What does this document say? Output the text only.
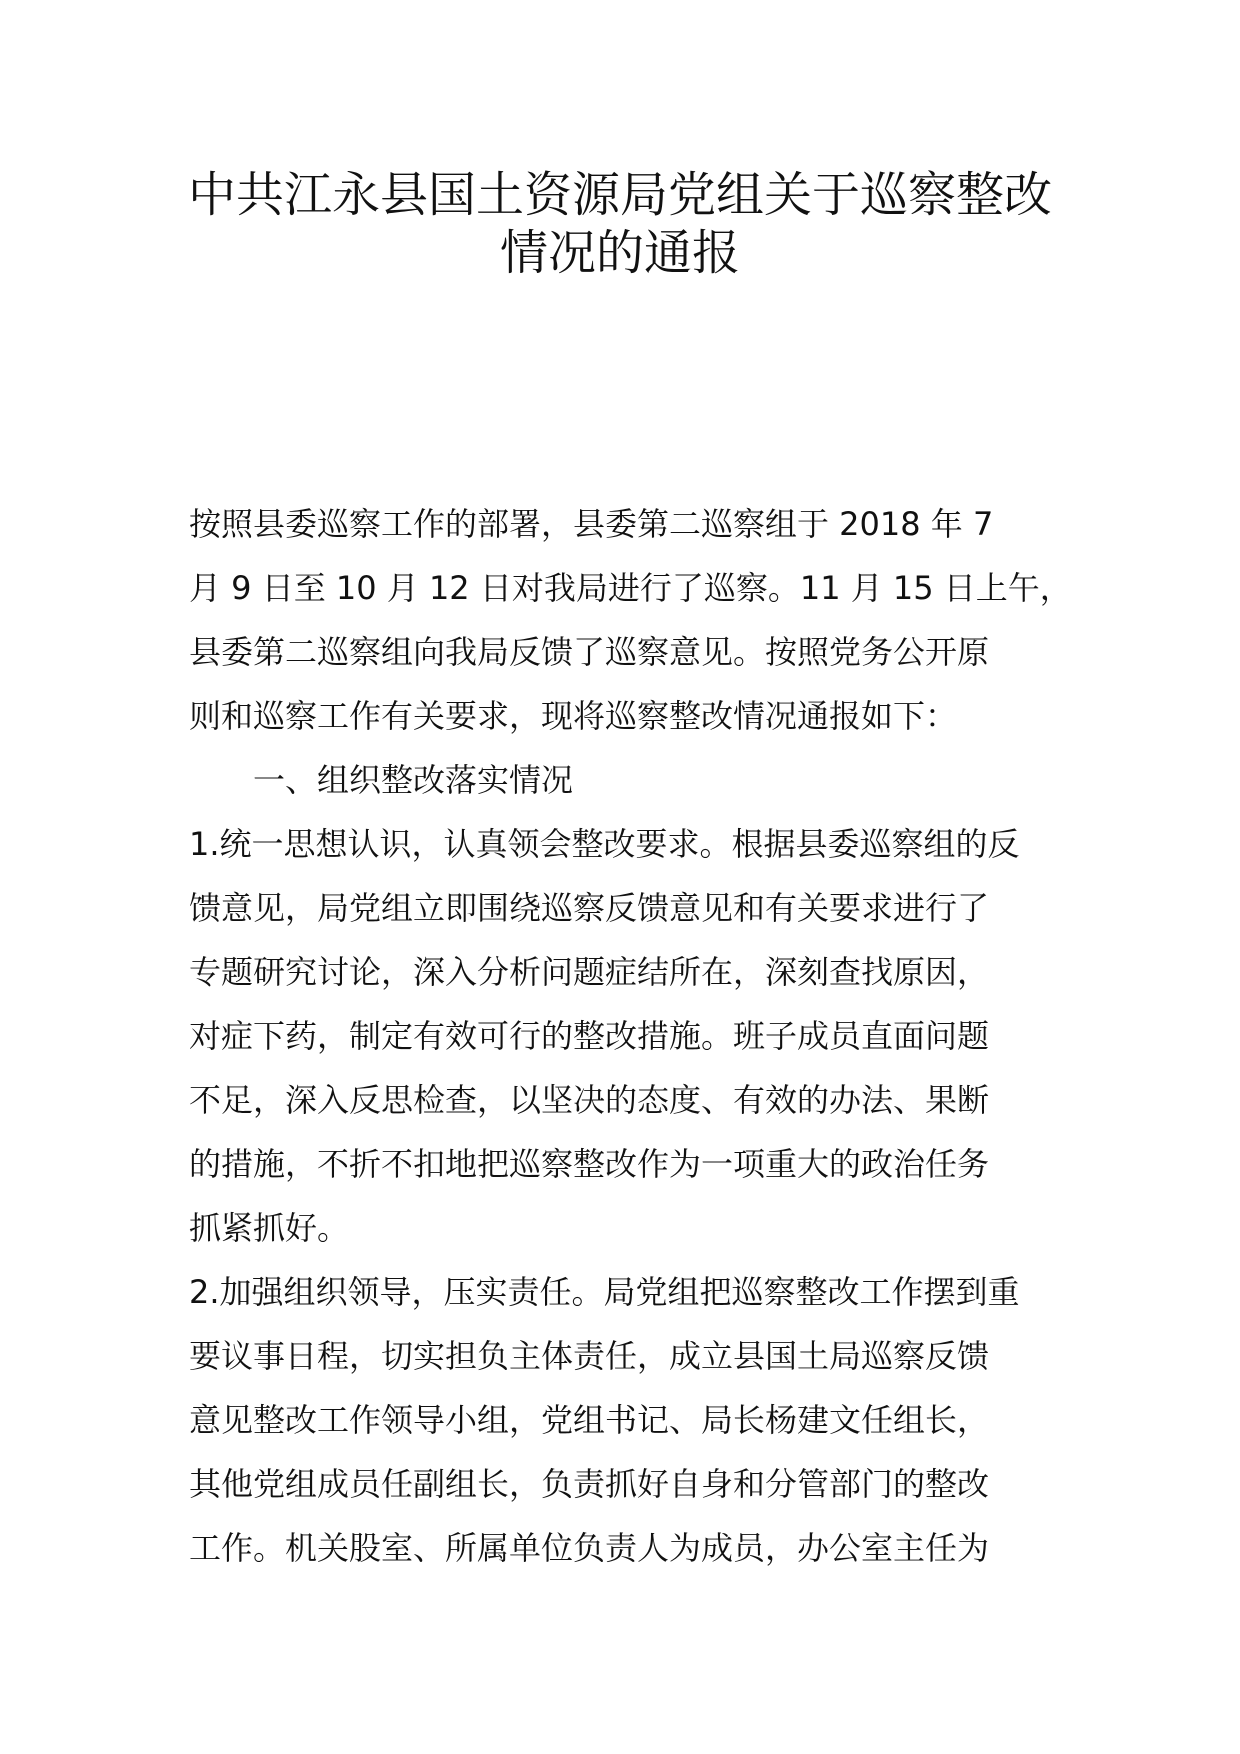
中共江永县国土资源局党组关于巡察整改
情况的通报
按照县委巡察工作的部署，县委第二巡察组于 2018 年 7
月 9 日至 10 月 12 日对我局进行了巡察。11 月 15 日上午，
县委第二巡察组向我局反馈了巡察意见。按照党务公开原
则和巡察工作有关要求，现将巡察整改情况通报如下：
一、组织整改落实情况
1.统一思想认识，认真领会整改要求。根据县委巡察组的反
馈意见，局党组立即围绕巡察反馈意见和有关要求进行了
专题研究讨论，深入分析问题症结所在，深刻查找原因，
对症下药，制定有效可行的整改措施。班子成员直面问题
不足，深入反思检查，以坚决的态度、有效的办法、果断
的措施，不折不扣地把巡察整改作为一项重大的政治任务
抓紧抓好。
2.加强组织领导，压实责任。局党组把巡察整改工作摆到重
要议事日程，切实担负主体责任，成立县国土局巡察反馈
意见整改工作领导小组，党组书记、局长杨建文任组长，
其他党组成员任副组长，负责抓好自身和分管部门的整改
工作。机关股室、所属单位负责人为成员，办公室主任为
